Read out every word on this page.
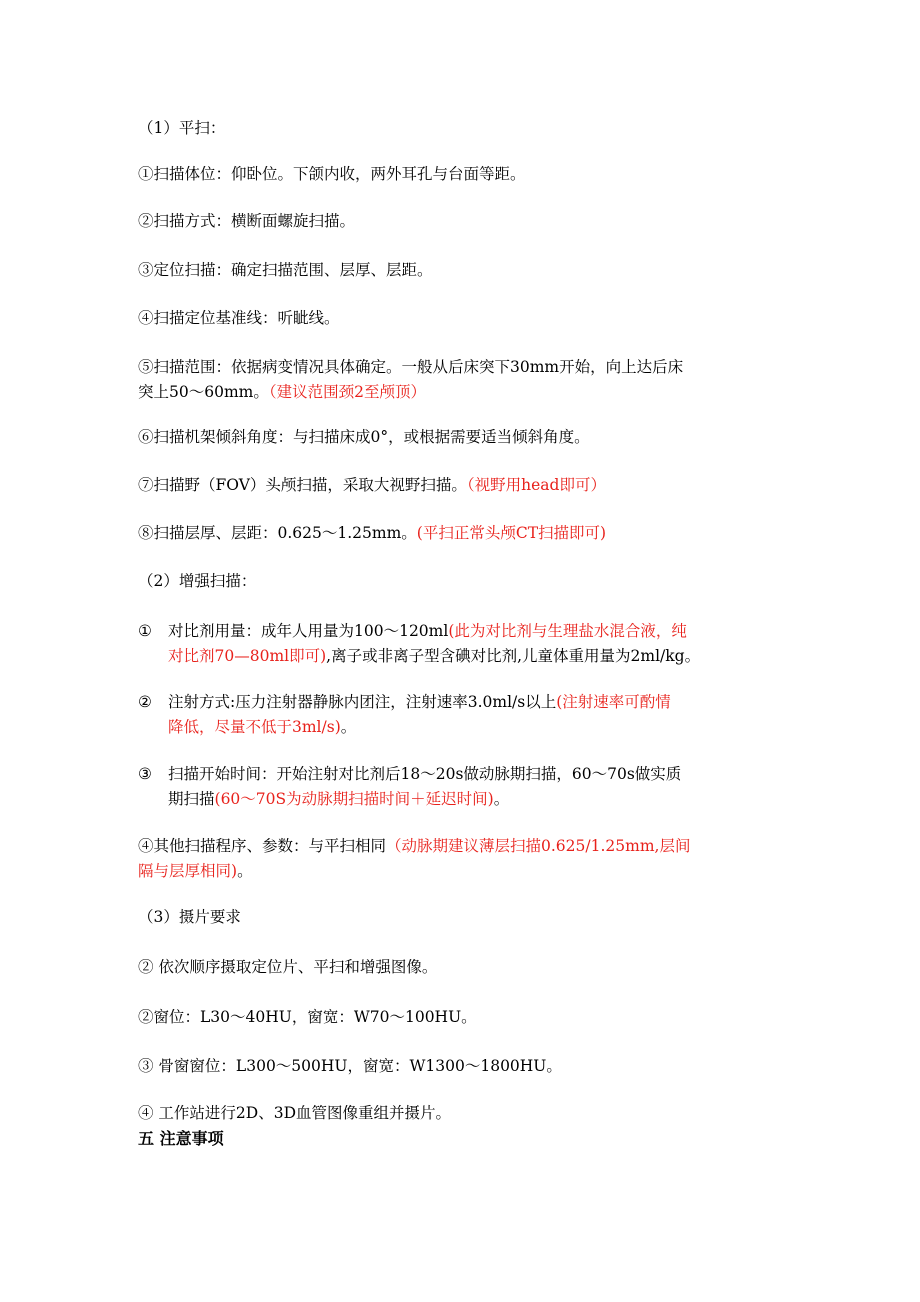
（1）平扫：
①扫描体位：仰卧位。下颌内收，两外耳孔与台面等距。
②扫描方式：横断面螺旋扫描。
③定位扫描：确定扫描范围、层厚、层距。
④扫描定位基准线：听眦线。
⑤扫描范围：依据病变情况具体确定。一般从后床突下30mm开始，向上达后床
突上50～60mm。（建议范围颈2至颅顶）
⑥扫描机架倾斜角度：与扫描床成0°，或根据需要适当倾斜角度。
⑦扫描野（FOV）头颅扫描，采取大视野扫描。（视野用head即可）
⑧扫描层厚、层距：0.625～1.25mm。(平扫正常头颅CT扫描即可)
（2）增强扫描：
① 对比剂用量：成年人用量为100～120ml(此为对比剂与生理盐水混合液，纯
对比剂70—80ml即可),离子或非离子型含碘对比剂,儿童体重用量为2ml/kg。
② 注射方式:压力注射器静脉内团注，注射速率3.0ml/s以上(注射速率可酌情
降低，尽量不低于3ml/s)。
③ 扫描开始时间：开始注射对比剂后18～20s做动脉期扫描，60～70s做实质
期扫描(60～70S为动脉期扫描时间＋延迟时间)。
④其他扫描程序、参数：与平扫相同（动脉期建议薄层扫描0.625/1.25mm,层间
隔与层厚相同)。
（3）摄片要求
② 依次顺序摄取定位片、平扫和增强图像。
②窗位：L30～40HU，窗宽：W70～100HU。
③ 骨窗窗位：L300～500HU，窗宽：W1300～1800HU。
④ 工作站进行2D、3D血管图像重组并摄片。
五 注意事项
